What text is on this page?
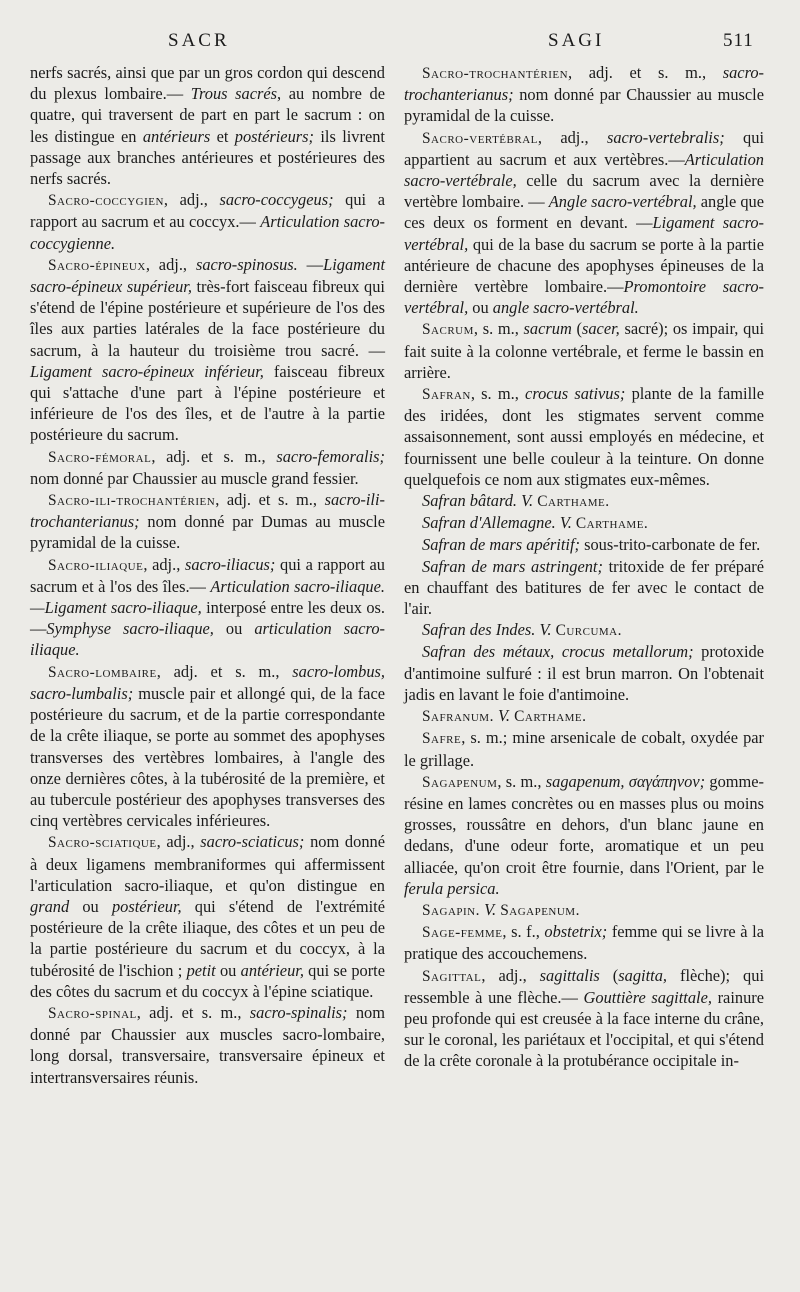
SACR	SAGI	511

nerfs sacrés, ainsi que par un gros cordon qui descend du plexus lombaire.— Trous sacrés, au nombre de quatre, qui traversent de part en part le sacrum : on les distingue en antérieurs et postérieurs; ils livrent passage aux branches antérieures et postérieures des nerfs sacrés.

Sacro-coccygien, adj., sacro-coccygeus; qui a rapport au sacrum et au coccyx.— Articulation sacro-coccygienne.

Sacro-épineux, adj., sacro-spinosus. —Ligament sacro-épineux supérieur, très-fort faisceau fibreux qui s'étend de l'épine postérieure et supérieure de l'os des îles aux parties latérales de la face postérieure du sacrum, à la hauteur du troisième trou sacré. — Ligament sacro-épineux inférieur, faisceau fibreux qui s'attache d'une part à l'épine postérieure et inférieure de l'os des îles, et de l'autre à la partie postérieure du sacrum.

Sacro-fémoral, adj. et s. m., sacro-femoralis; nom donné par Chaussier au muscle grand fessier.

Sacro-ili-trochantérien, adj. et s. m., sacro-ili-trochanterianus; nom donné par Dumas au muscle pyramidal de la cuisse.

Sacro-iliaque, adj., sacro-iliacus; qui a rapport au sacrum et à l'os des îles.— Articulation sacro-iliaque.—Ligament sacro-iliaque, interposé entre les deux os. —Symphyse sacro-iliaque, ou articulation sacro-iliaque.

Sacro-lombaire, adj. et s. m., sacro-lombus, sacro-lumbalis; muscle pair et allongé qui, de la face postérieure du sacrum, et de la partie correspondante de la crête iliaque, se porte au sommet des apophyses transverses des vertèbres lombaires, à l'angle des onze dernières côtes, à la tubérosité de la première, et au tubercule postérieur des apophyses transverses des cinq vertèbres cervicales inférieures.

Sacro-sciatique, adj., sacro-sciaticus; nom donné à deux ligamens membraniformes qui affermissent l'articulation sacro-iliaque, et qu'on distingue en grand ou postérieur, qui s'étend de l'extrémité postérieure de la crête iliaque, des côtes et un peu de la partie postérieure du sacrum et du coccyx, à la tubérosité de l'ischion ; petit ou antérieur, qui se porte des côtes du sacrum et du coccyx à l'épine sciatique.

Sacro-spinal, adj. et s. m., sacro-spinalis; nom donné par Chaussier aux muscles sacro-lombaire, long dorsal, transversaire, transversaire épineux et intertransversaires réunis.

Sacro-trochantérien, adj. et s. m., sacro-trochanterianus; nom donné par Chaussier au muscle pyramidal de la cuisse.

Sacro-vertébral, adj., sacro-vertebralis; qui appartient au sacrum et aux vertèbres.—Articulation sacro-vertébrale, celle du sacrum avec la dernière vertèbre lombaire. — Angle sacro-vertébral, angle que ces deux os forment en devant. —Ligament sacro-vertébral, qui de la base du sacrum se porte à la partie antérieure de chacune des apophyses épineuses de la dernière vertèbre lombaire.—Promontoire sacro-vertébral, ou angle sacro-vertébral.

Sacrum, s. m., sacrum (sacer, sacré); os impair, qui fait suite à la colonne vertébrale, et ferme le bassin en arrière.

Safran, s. m., crocus sativus; plante de la famille des iridées, dont les stigmates servent comme assaisonnement, sont aussi employés en médecine, et fournissent une belle couleur à la teinture. On donne quelquefois ce nom aux stigmates eux-mêmes.

Safran bâtard. V. Carthame.

Safran d'Allemagne. V. Carthame.

Safran de mars apéritif; sous-trito-carbonate de fer.

Safran de mars astringent; tritoxide de fer préparé en chauffant des batitures de fer avec le contact de l'air.

Safran des Indes. V. Curcuma.

Safran des métaux, crocus metallorum; protoxide d'antimoine sulfuré : il est brun marron. On l'obtenait jadis en lavant le foie d'antimoine.

Safranum. V. Carthame.

Safre, s. m.; mine arsenicale de cobalt, oxydée par le grillage.

Sagapenum, s. m., sagapenum, σαγάπηνον; gomme-résine en lames concrètes ou en masses plus ou moins grosses, roussâtre en dehors, d'un blanc jaune en dedans, d'une odeur forte, aromatique et un peu alliacée, qu'on croit être fournie, dans l'Orient, par le ferula persica.

Sagapin. V. Sagapenum.

Sage-femme, s. f., obstetrix; femme qui se livre à la pratique des accouchemens.

Sagittal, adj., sagittalis (sagitta, flèche); qui ressemble à une flèche.— Gouttière sagittale, rainure peu profonde qui est creusée à la face interne du crâne, sur le coronal, les pariétaux et l'occipital, et qui s'étend de la crête coronale à la protubérance occipitale in-
